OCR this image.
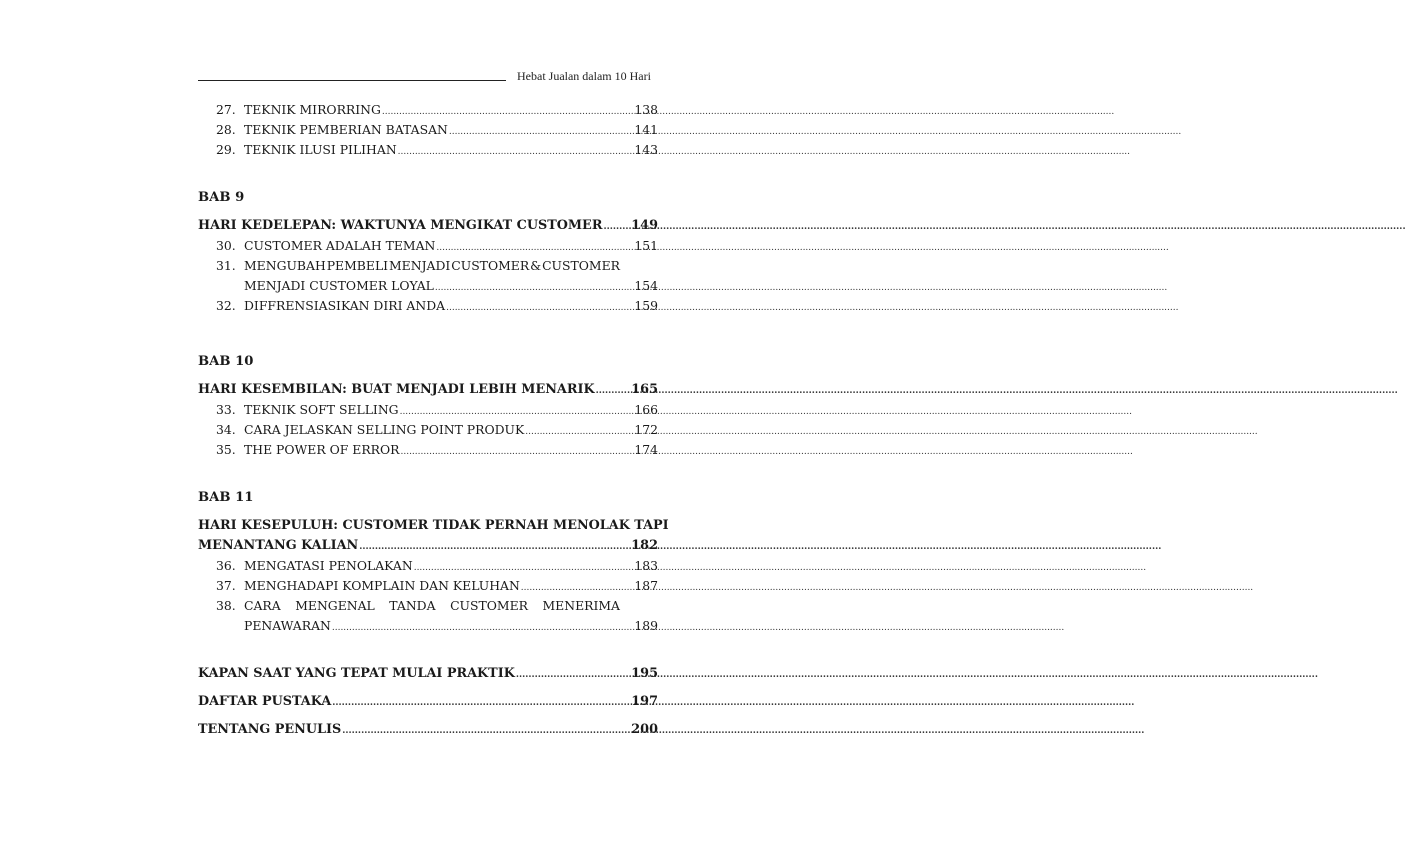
Hebat Jualan dalam 10 Hari
27. TEKNIK MIRORRING .....	138
28. TEKNIK PEMBERIAN BATASAN .....	141
29. TEKNIK ILUSI PILIHAN .....	143
BAB 9
HARI KEDELEPAN: WAKTUNYA MENGIKAT CUSTOMER ..... 149
30. CUSTOMER ADALAH TEMAN .....	151
31. MENGUBAH PEMBELI MENJADI CUSTOMER & CUSTOMER
MENJADI CUSTOMER LOYAL .....	154
32. DIFFRENSIASIKAN DIRI ANDA .....	159
BAB 10
HARI KESEMBILAN: BUAT MENJADI LEBIH MENARIK .....	165
33. TEKNIK SOFT SELLING .....	166
34. CARA JELASKAN SELLING POINT PRODUK .....	172
35. THE POWER OF ERROR .....	174
BAB 11
HARI KESEPULUH: CUSTOMER TIDAK PERNAH MENOLAK TAPI
MENANTANG KALIAN .....	182
36. MENGATASI PENOLAKAN .....	183
37. MENGHADAPI KOMPLAIN DAN KELUHAN .....	187
38. CARA MENGENAL TANDA CUSTOMER MENERIMA
PENAWARAN .....	189
KAPAN SAAT YANG TEPAT MULAI PRAKTIK .....	195
DAFTAR PUSTAKA .....	197
TENTANG PENULIS .....	200
